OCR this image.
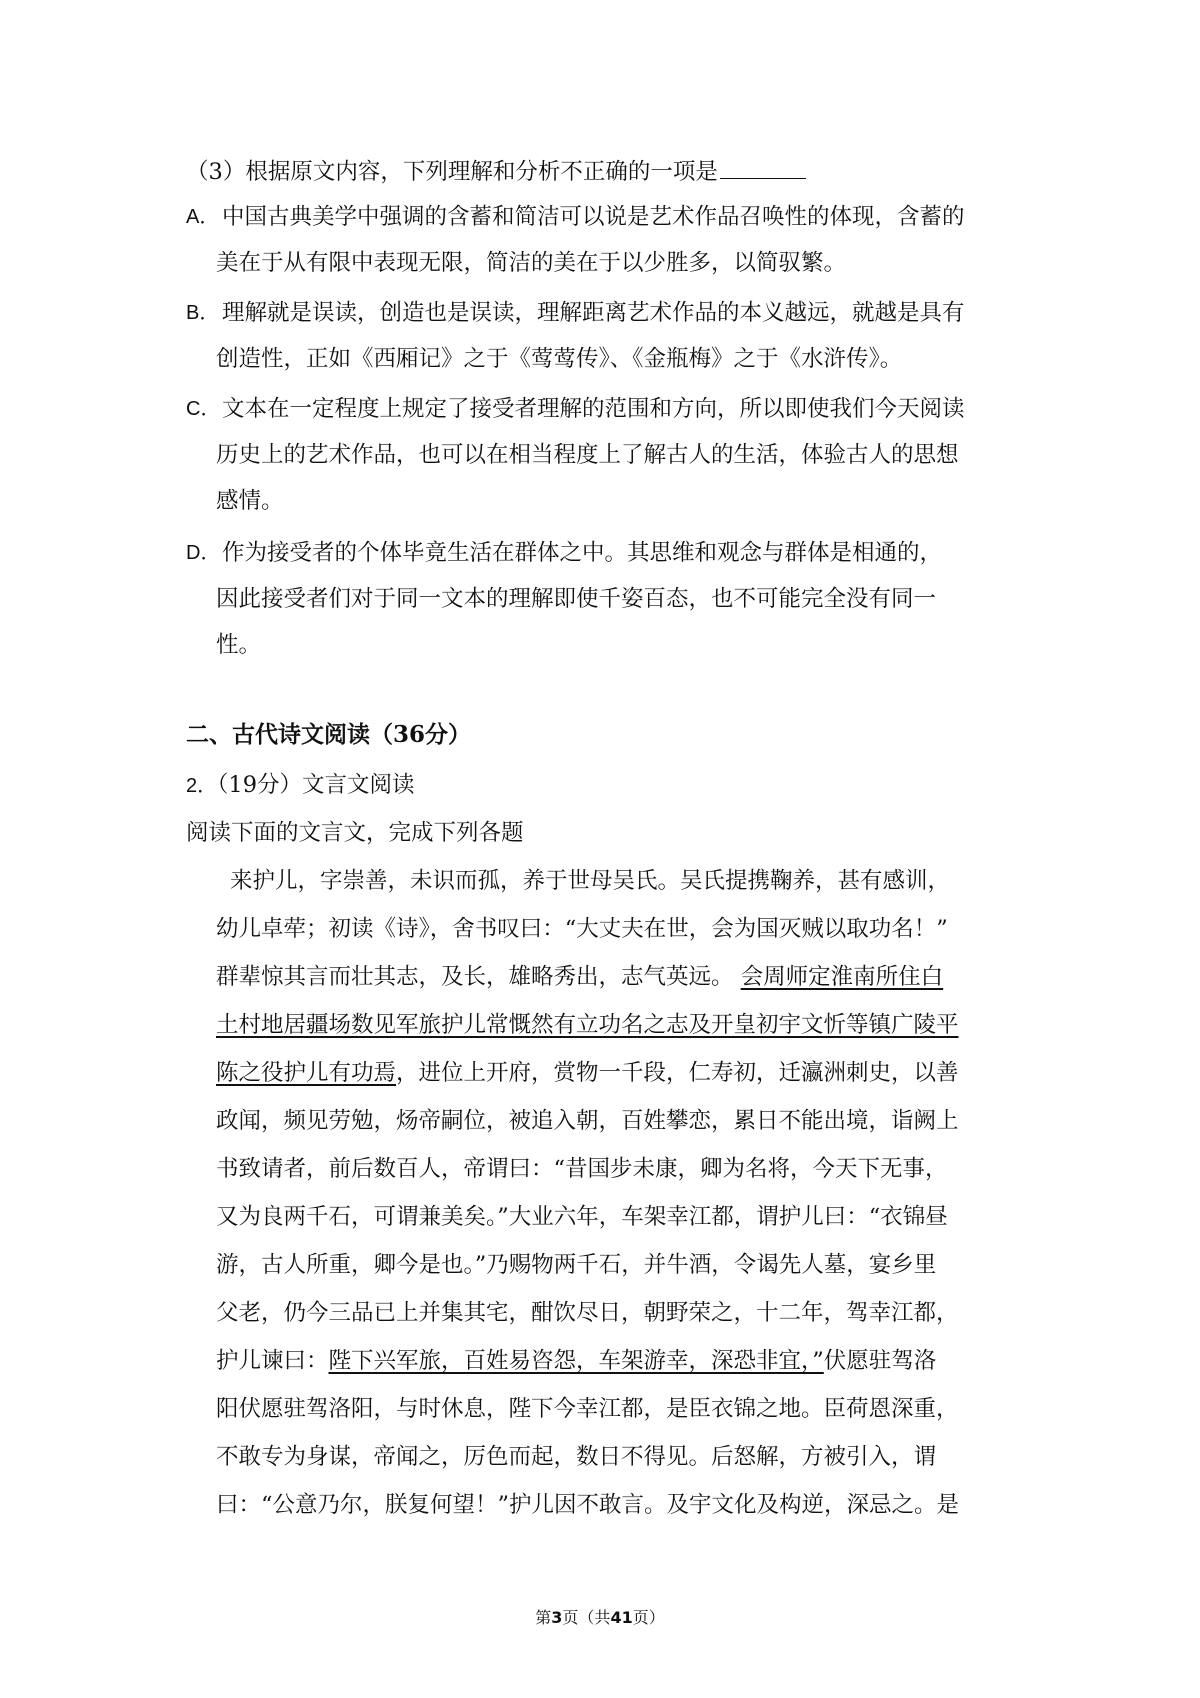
（3）根据原文内容，下列理解和分析不正确的一项是
A． 中国古典美学中强调的含蓄和简洁可以说是艺术作品召唤性的体现，含蓄的
美在于从有限中表现无限，简洁的美在于以少胜多，以简驭繁。
B． 理解就是误读，创造也是误读，理解距离艺术作品的本义越远，就越是具有
创造性，正如《西厢记》之于《莺莺传》、《金瓶梅》之于《水浒传》。
C． 文本在一定程度上规定了接受者理解的范围和方向，所以即使我们今天阅读
历史上的艺术作品，也可以在相当程度上了解古人的生活，体验古人的思想
感情。
D． 作为接受者的个体毕竟生活在群体之中。其思维和观念与群体是相通的，
因此接受者们对于同一文本的理解即使千姿百态，也不可能完全没有同一
性。
二、古代诗文阅读（36分）
2．（19分）文言文阅读
阅读下面的文言文，完成下列各题
来护儿，字崇善，未识而孤，养于世母吴氏。吴氏提携鞠养，甚有感训，
幼儿卓荦；初读《诗》，舍书叹曰：“大丈夫在世，会为国灭贼以取功名！”
群辈惊其言而壮其志，及长，雄略秀出，志气英远。 会周师定淮南所住白
土村地居疆场数见军旅护儿常慨然有立功名之志及开皇初宇文忻等镇广陵平
陈之役护儿有功焉，进位上开府，赏物一千段，仁寿初，迁瀛洲刺史，以善
政闻，频见劳勉，炀帝嗣位，被追入朝，百姓攀恋，累日不能出境，诣阙上
书致请者，前后数百人，帝谓曰：“昔国步未康，卿为名将，今天下无事，
又为良两千石，可谓兼美矣。”大业六年，车架幸江都，谓护儿曰：“衣锦昼
游，古人所重，卿今是也。”乃赐物两千石，并牛酒，令谒先人墓，宴乡里
父老，仍今三品已上并集其宅，酣饮尽日，朝野荣之，十二年，驾幸江都，
护儿谏曰：陛下兴军旅，百姓易咨怨，车架游幸，深恐非宜，”伏愿驻驾洛
阳伏愿驻驾洛阳，与时休息，陛下今幸江都，是臣衣锦之地。臣荷恩深重，
不敢专为身谋，帝闻之，厉色而起，数日不得见。后怒解，方被引入，谓
曰：“公意乃尔，朕复何望！”护儿因不敢言。及宇文化及构逆，深忌之。是
第3页（共41页）
